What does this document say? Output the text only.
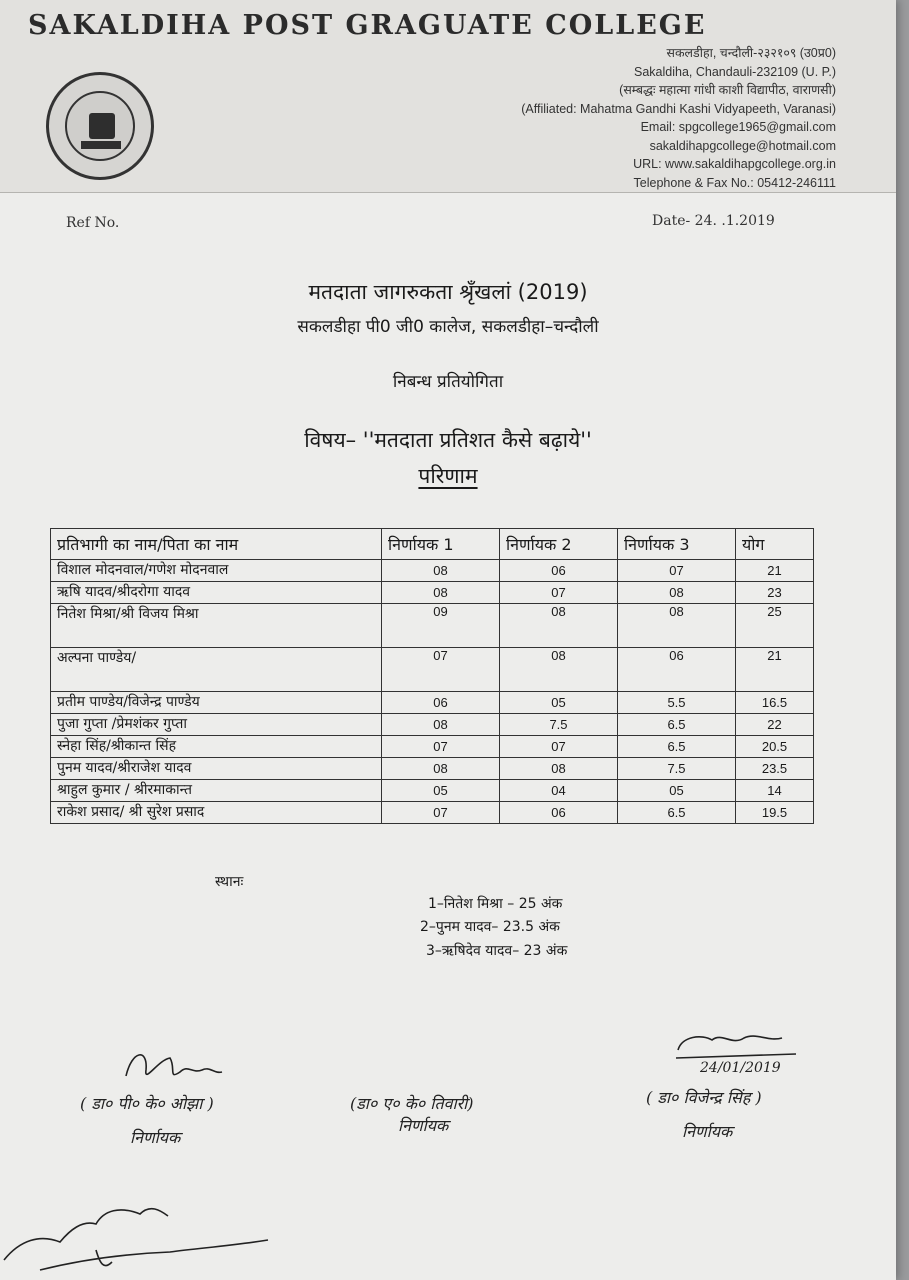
SAKALDIHA POST GRAGUATE COLLEGE
सकलडीहा, चन्दौली-२३२१०९ (उ0प्र0)
Sakaldiha, Chandauli-232109 (U. P.)
(सम्बद्धः महात्मा गांधी काशी विद्यापीठ, वाराणसी)
(Affiliated: Mahatma Gandhi Kashi Vidyapeeth, Varanasi)
Email: spgcollege1965@gmail.com
sakaldihapgcollege@hotmail.com
URL: www.sakaldihapgcollege.org.in
Telephone & Fax No.: 05412-246111
Ref No.	Date- 24. .1.2019
मतदाता जागरुकता श्रृँखलां (2019)
सकलडीहा पी0 जी0 कालेज, सकलडीहा–चन्दौली
निबन्ध प्रतियोगिता
विषय– ''मतदाता प्रतिशत कैसे बढ़ाये''
परिणाम
प्रतिभागी का नाम/पिता का नाम	निर्णायक 1	निर्णायक 2	निर्णायक 3	योग
विशाल मोदनवाल/गणेश मोदनवाल	08	06	07	21
ऋषि यादव/श्रीदरोगा यादव	08	07	08	23
नितेश मिश्रा/श्री विजय मिश्रा	09	08	08	25
अल्पना पाण्डेय/	07	08	06	21
प्रतीम पाण्डेय/विजेन्द्र पाण्डेय	06	05	5.5	16.5
पुजा गुप्ता /प्रेमशंकर गुप्ता	08	7.5	6.5	22
स्नेहा सिंह/श्रीकान्त सिंह	07	07	6.5	20.5
पुनम यादव/श्रीराजेश यादव	08	08	7.5	23.5
श्राहुल कुमार / श्रीरमाकान्त	05	04	05	14
राकेश प्रसाद/ श्री सुरेश प्रसाद	07	06	6.5	19.5
स्थानः
1–नितेश मिश्रा – 25 अंक
2–पुनम यादव– 23.5 अंक
3–ऋषिदेव यादव– 23 अंक
( डा० पी० के० ओझा )
निर्णायक
(डा० ए० के० तिवारी)
निर्णायक
24/01/2019
( डा० विजेन्द्र सिंह )
निर्णायक
